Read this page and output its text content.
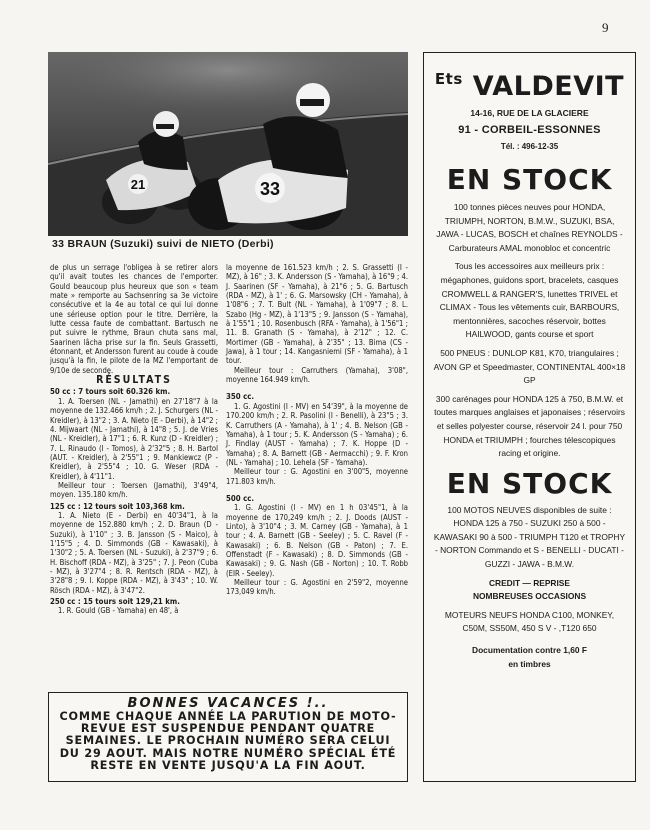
9
21	33
33 BRAUN (Suzuki) suivi de NIETO (Derbi)

de plus un serrage l'obligea à se retirer alors qu'il avait toutes les chances de l'emporter. Gould beaucoup plus heureux que son « team mate » remporte au Sachsenring sa 3e victoire consécutive et la 4e au total ce qui lui donne une sérieuse option pour le titre. Derrière, la lutte cessa faute de combattant. Bartusch ne put suivre le rythme, Braun chuta sans mal, Saarinen lâcha prise sur la fin. Seuls Grassetti, étonnant, et Andersson furent au coude à coude jusqu'à la fin, le pilote de la MZ l'emportant de 9/10e de seconde.

RÉSULTATS
50 cc : 7 tours soit 60.326 km.

1. A. Toersen (NL - Jamathi) en 27'18"7 à la moyenne de 132.466 km/h ; 2. J. Schurgers (NL - Kreidler), à 13"2 ; 3. A. Nieto (E - Derbi), à 14"2 ; 4. Mijwaart (NL - Jamathi), à 14"8 ; 5. J. de Vries (NL - Kreidler), à 17"1 ; 6. R. Kunz (D - Kreidler) ; 7. L. Rinaudo (I - Tomos), à 2'32"5 ; 8. H. Bartol (AUT. - Kreidler), à 2'55"1 ; 9. Mankiewcz (P - Kreidler), à 2'55"4 ; 10. G. Weser (RDA - Kreidler), à 4'11"1.

Meilleur tour : Toersen (Jamathi), 3'49"4, moyen. 135.180 km/h.

125 cc : 12 tours soit 103,368 km.

1. A. Nieto (E - Derbi) en 40'34"1, à la moyenne de 152.880 km/h ; 2. D. Braun (D - Suzuki), à 1'10" ; 3. B. Jansson (S - Maico), à 1'15"5 ; 4. D. Simmonds (GB - Kawasaki), à 1'30"2 ; 5. A. Toersen (NL - Suzuki), à 2'37"9 ; 6. H. Bischoff (RDA - MZ), à 3'25" ; 7. J. Peon (Cuba - MZ), à 3'27"4 ; 8. R. Rentsch (RDA - MZ), à 3'28"8 ; 9. I. Koppe (RDA - MZ), à 3'43" ; 10. W. Rösch (RDA - MZ), à 3'47"2.

250 cc : 15 tours soit 129,21 km.

1. R. Gould (GB - Yamaha) en 48', à

la moyenne de 161.523 km/h ; 2. S. Grassetti (I - MZ), à 16" ; 3. K. Andersson (S - Yamaha), à 16"9 ; 4. J. Saarinen (SF - Yamaha), à 21"6 ; 5. G. Bartusch (RDA - MZ), à 1' ; 6. G. Marsowsky (CH - Yamaha), à 1'08"6 ; 7. T. Bult (NL - Yamaha), à 1'09"7 ; 8. L. Szabo (Hg - MZ), à 1'13"5 ; 9. Jansson (S - Yamaha), à 1'55"1 ; 10. Rosenbusch (RFA - Yamaha), à 1'56"1 ; 11. B. Granath (S - Yamaha), à 2'12" ; 12. C. Mortimer (GB - Yamaha), à 2'35" ; 13. Bima (CS - Jawa), à 1 tour ; 14. Kangasniemi (SF - Yamaha), à 1 tour.

Meilleur tour : Carruthers (Yamaha), 3'08", moyenne 164.949 km/h.

350 cc.

1. G. Agostini (I - MV) en 54'39", à la moyenne de 170.200 km/h ; 2. R. Pasolini (I - Benelli), à 23"5 ; 3. K. Carruthers (A - Yamaha), à 1' ; 4. B. Nelson (GB - Yamaha), à 1 tour ; 5. K. Andersson (S - Yamaha) ; 6. J. Findlay (AUST - Yamaha) ; 7. K. Hoppe (D - Yamaha) ; 8. A. Barnett (GB - Aermacchi) ; 9. F. Kron (NL - Yamaha) ; 10. Lehela (SF - Yamaha).

Meilleur tour : G. Agostini en 3'00"5, moyenne 171.803 km/h.

500 cc.

1. G. Agostini (I - MV) en 1 h 03'45"1, à la moyenne de 170,249 km/h ; 2. J. Doods (AUST - Linto), à 3'10"4 ; 3. M. Carney (GB - Yamaha), à 1 tour ; 4. A. Barnett (GB - Seeley) ; 5. C. Ravel (F - Kawasaki) ; 6. B. Nelson (GB - Paton) ; 7. E. Offenstadt (F - Kawasaki) ; 8. D. Simmonds (GB - Kawasaki) ; 9. G. Nash (GB - Norton) ; 10. T. Robb (EIR - Seeley).

Meilleur tour : G. Agostini en 2'59"2, moyenne 173,049 km/h.

BONNES VACANCES !..
COMME CHAQUE ANNÉE LA PARUTION DE MOTO-REVUE EST SUSPENDUE PENDANT QUATRE SEMAINES. LE PROCHAIN NUMÉRO SERA CELUI DU 29 AOUT. MAIS NOTRE NUMÉRO SPÉCIAL ÉTÉ RESTE EN VENTE JUSQU'A LA FIN AOUT.
$^{Ets}$ VALDEVIT
14-16, RUE DE LA GLACIERE
91 - CORBEIL-ESSONNES
Tél. : 496-12-35
EN STOCK
100 tonnes pièces neuves pour HONDA, TRIUMPH, NORTON, B.M.W., SUZUKI, BSA, JAWA - LUCAS, BOSCH et chaînes REYNOLDS - Carburateurs AMAL monobloc et concentric
Tous les accessoires aux meilleurs prix : mégaphones, guidons sport, bracelets, casques CROMWELL & RANGER'S, lunettes TRIVEL et CLIMAX - Tous les vêtements cuir, BARBOURS, mentonnières, sacoches réservoir, bottes HAILWOOD, gants course et sport
500 PNEUS : DUNLOP K81, K70, triangulaires ; AVON GP et Speedmaster, CONTINENTAL 400×18 GP
300 carénages pour HONDA 125 à 750, B.M.W. et toutes marques anglaises et japonaises ; réservoirs et selles polyester course, réservoir 24 l. pour 750 HONDA et TRIUMPH ; fourches télescopiques racing et origine.
EN STOCK
100 MOTOS NEUVES disponibles de suite : HONDA 125 à 750 - SUZUKI 250 à 500 - KAWASAKI 90 à 500 - TRIUMPH T120 et TROPHY - NORTON Commando et S - BENELLI - DUCATI - GUZZI - JAWA - B.M.W.
CREDIT — REPRISE
NOMBREUSES OCCASIONS
MOTEURS NEUFS HONDA C100, MONKEY, C50M, SS50M, 450 S V - ,T120 650
Documentation contre 1,60 F
en timbres
